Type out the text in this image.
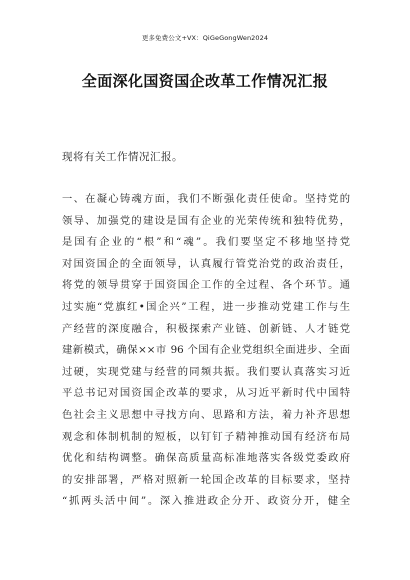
更多免费公文+VX：QiGeGongWen2024
全面深化国资国企改革工作情况汇报
现将有关工作情况汇报。
一、在凝心铸魂方面，我们不断强化责任使命。坚持党的
领导、加强党的建设是国有企业的光荣传统和独特优势，
是国有企业的“根”和“魂”。我们要坚定不移地坚持党
对国资国企的全面领导，认真履行管党治党的政治责任，
将党的领导贯穿于国资国企工作的全过程、各个环节。通
过实施“党旗红•国企兴”工程，进一步推动党建工作与生
产经营的深度融合，积极探索产业链、创新链、人才链党
建新模式，确保××市 96 个国有企业党组织全面进步、全面
过硬，实现党建与经营的同频共振。我们要认真落实习近
平总书记对国资国企改革的要求，从习近平新时代中国特
色社会主义思想中寻找方向、思路和方法，着力补齐思想
观念和体制机制的短板，以钉钉子精神推动国有经济布局
优化和结构调整。确保高质量高标准地落实各级党委政府
的安排部署，严格对照新一轮国企改革的目标要求，坚持
“抓两头活中间”。深入推进政企分开、政资分开，健全
